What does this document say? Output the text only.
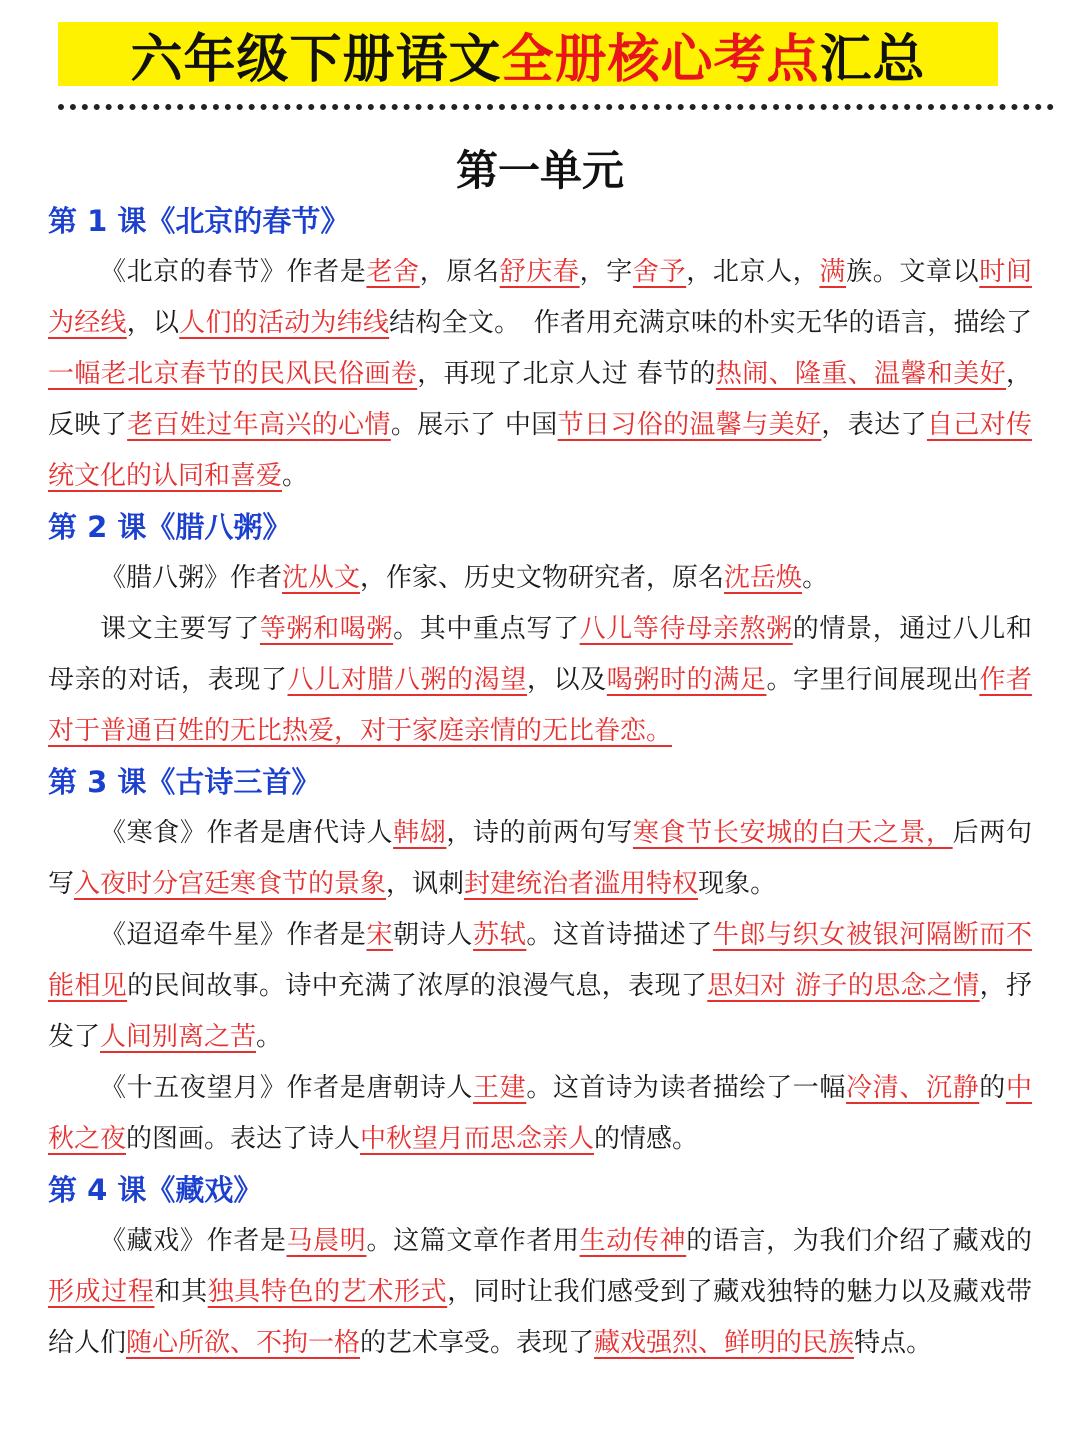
六年级下册语文 全册核心考点 汇总
第一单元
第 1 课《北京的春节》

《北京的春节》作者是老舍，原名舒庆春，字舍予，北京人，满族。文章以时间为经线，以人们的活动为纬线结构全文。　作者用充满京味的朴实无华的语言，描绘了一幅老北京春节的民风民俗画卷，再现了北京人过 春节的热闹、隆重、温馨和美好，反映了老百姓过年高兴的心情。展示了 中国节日习俗的温馨与美好，表达了自己对传统文化的认同和喜爱。

第 2 课《腊八粥》

《腊八粥》作者沈从文，作家、历史文物研究者，原名沈岳焕。

课文主要写了等粥和喝粥。其中重点写了八儿等待母亲熬粥的情景，通过八儿和母亲的对话，表现了八儿对腊八粥的渴望，以及喝粥时的满足。字里行间展现出作者对于普通百姓的无比热爱，对于家庭亲情的无比眷恋。

第 3 课《古诗三首》

《寒食》作者是唐代诗人韩翃，诗的前两句写寒食节长安城的白天之景，后两句写入夜时分宫廷寒食节的景象，讽刺封建统治者滥用特权现象。

《迢迢牵牛星》作者是宋朝诗人苏轼。这首诗描述了牛郎与织女被银河隔断而不能相见的民间故事。诗中充满了浓厚的浪漫气息，表现了思妇对 游子的思念之情，抒发了人间别离之苦。

《十五夜望月》作者是唐朝诗人王建。这首诗为读者描绘了一幅冷清、沉静的中秋之夜的图画。表达了诗人中秋望月而思念亲人的情感。

第 4 课《藏戏》

《藏戏》作者是马晨明。这篇文章作者用生动传神的语言，为我们介绍了藏戏的形成过程和其独具特色的艺术形式，同时让我们感受到了藏戏独特的魅力以及藏戏带给人们随心所欲、不拘一格的艺术享受。表现了藏戏强烈、鲜明的民族特点。
